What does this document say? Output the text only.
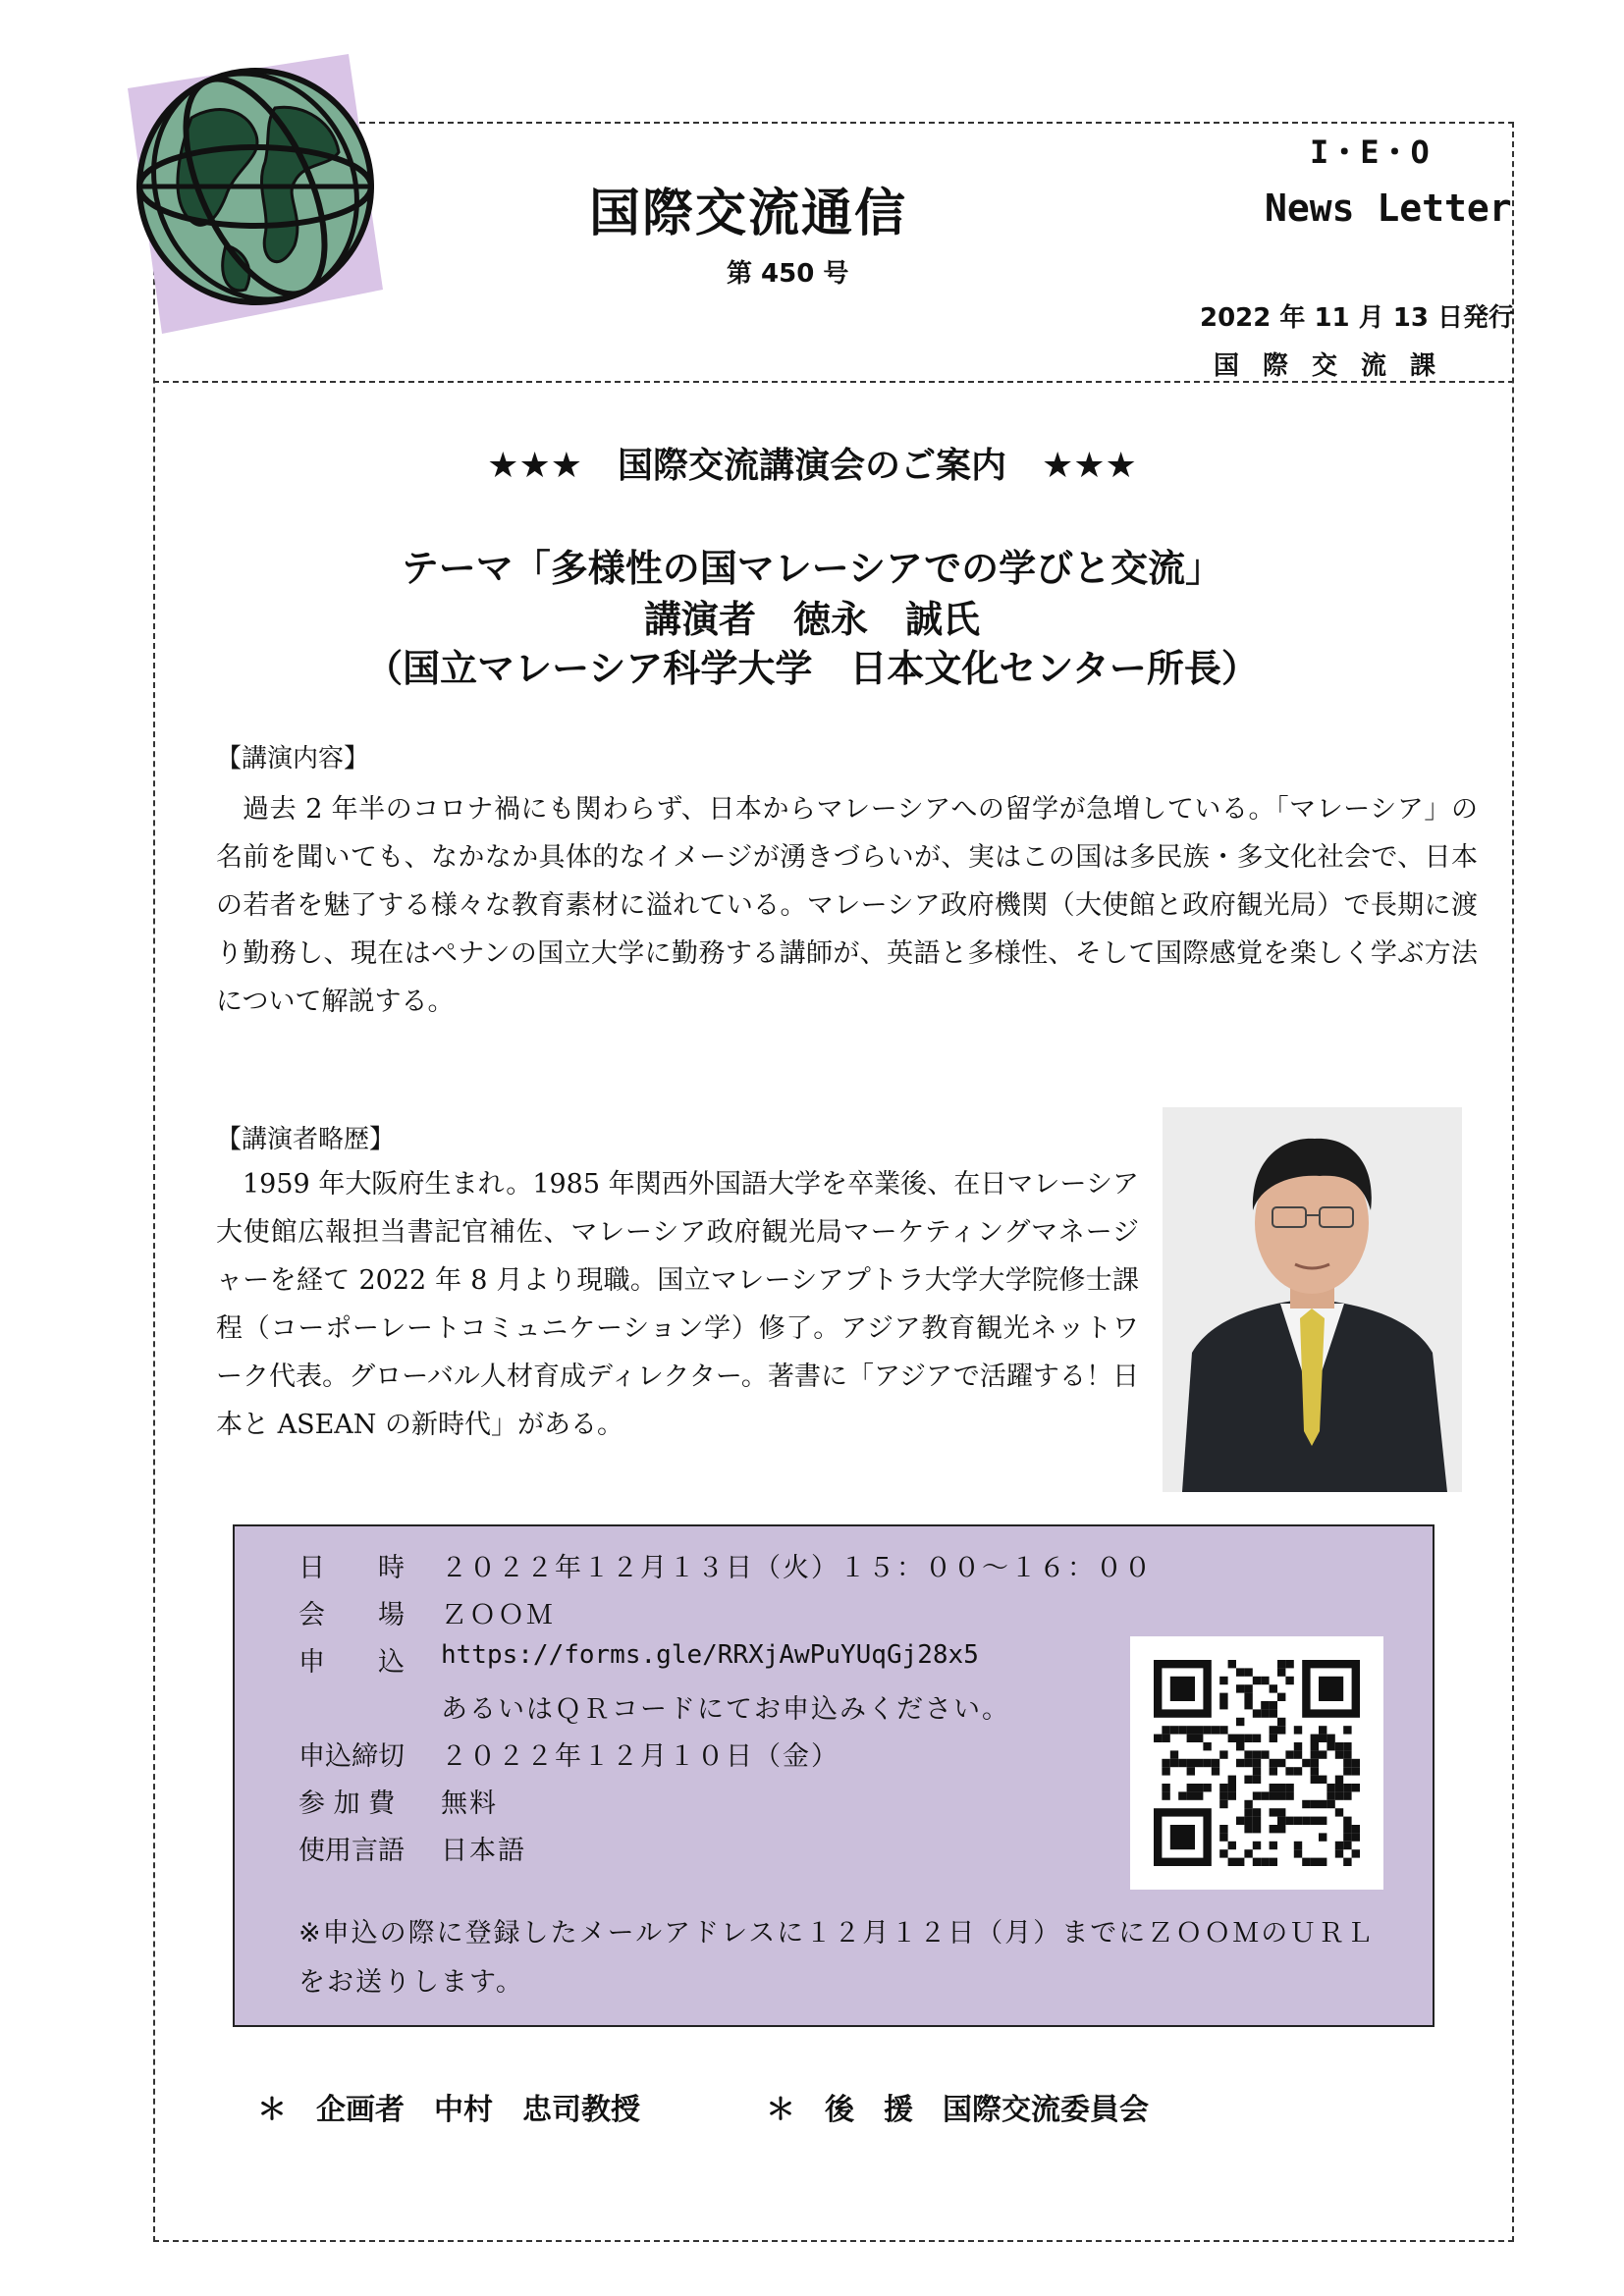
国際交流通信
第 450 号
I・E・O
News Letter
2022 年 11 月 13 日発行
国際交流課
★★★　国際交流講演会のご案内　★★★
テーマ「多様性の国マレーシアでの学びと交流」
講演者　徳永　誠氏
（国立マレーシア科学大学　日本文化センター所長）
【講演内容】
過去 2 年半のコロナ禍にも関わらず、日本からマレーシアへの留学が急増している。「マレーシア」の名前を聞いても、なかなか具体的なイメージが湧きづらいが、実はこの国は多民族・多文化社会で、日本の若者を魅了する様々な教育素材に溢れている。マレーシア政府機関（大使館と政府観光局）で長期に渡り勤務し、現在はペナンの国立大学に勤務する講師が、英語と多様性、そして国際感覚を楽しく学ぶ方法について解説する。
【講演者略歴】
1959 年大阪府生まれ。1985 年関西外国語大学を卒業後、在日マレーシア大使館広報担当書記官補佐、マレーシア政府観光局マーケティングマネージャーを経て 2022 年 8 月より現職。国立マレーシアプトラ大学大学院修士課程（コーポーレートコミュニケーション学）修了。アジア教育観光ネットワーク代表。グローバル人材育成ディレクター。著書に「アジアで活躍する！日本と ASEAN の新時代」がある。
日　　時	２０２２年１２月１３日（火）１５：００～１６：００
会　　場	ＺＯＯＭ
申　　込	https://forms.gle/RRXjAwPuYUqGj28x5
あるいはＱＲコードにてお申込みください。
申込締切	２０２２年１２月１０日（金）
参 加 費	無料
使用言語	日本語
※申込の際に登録したメールアドレスに１２月１２日（月）までにＺＯＯＭのＵＲＬをお送りします。
＊　企画者　中村　忠司教授	＊　後　援　国際交流委員会
